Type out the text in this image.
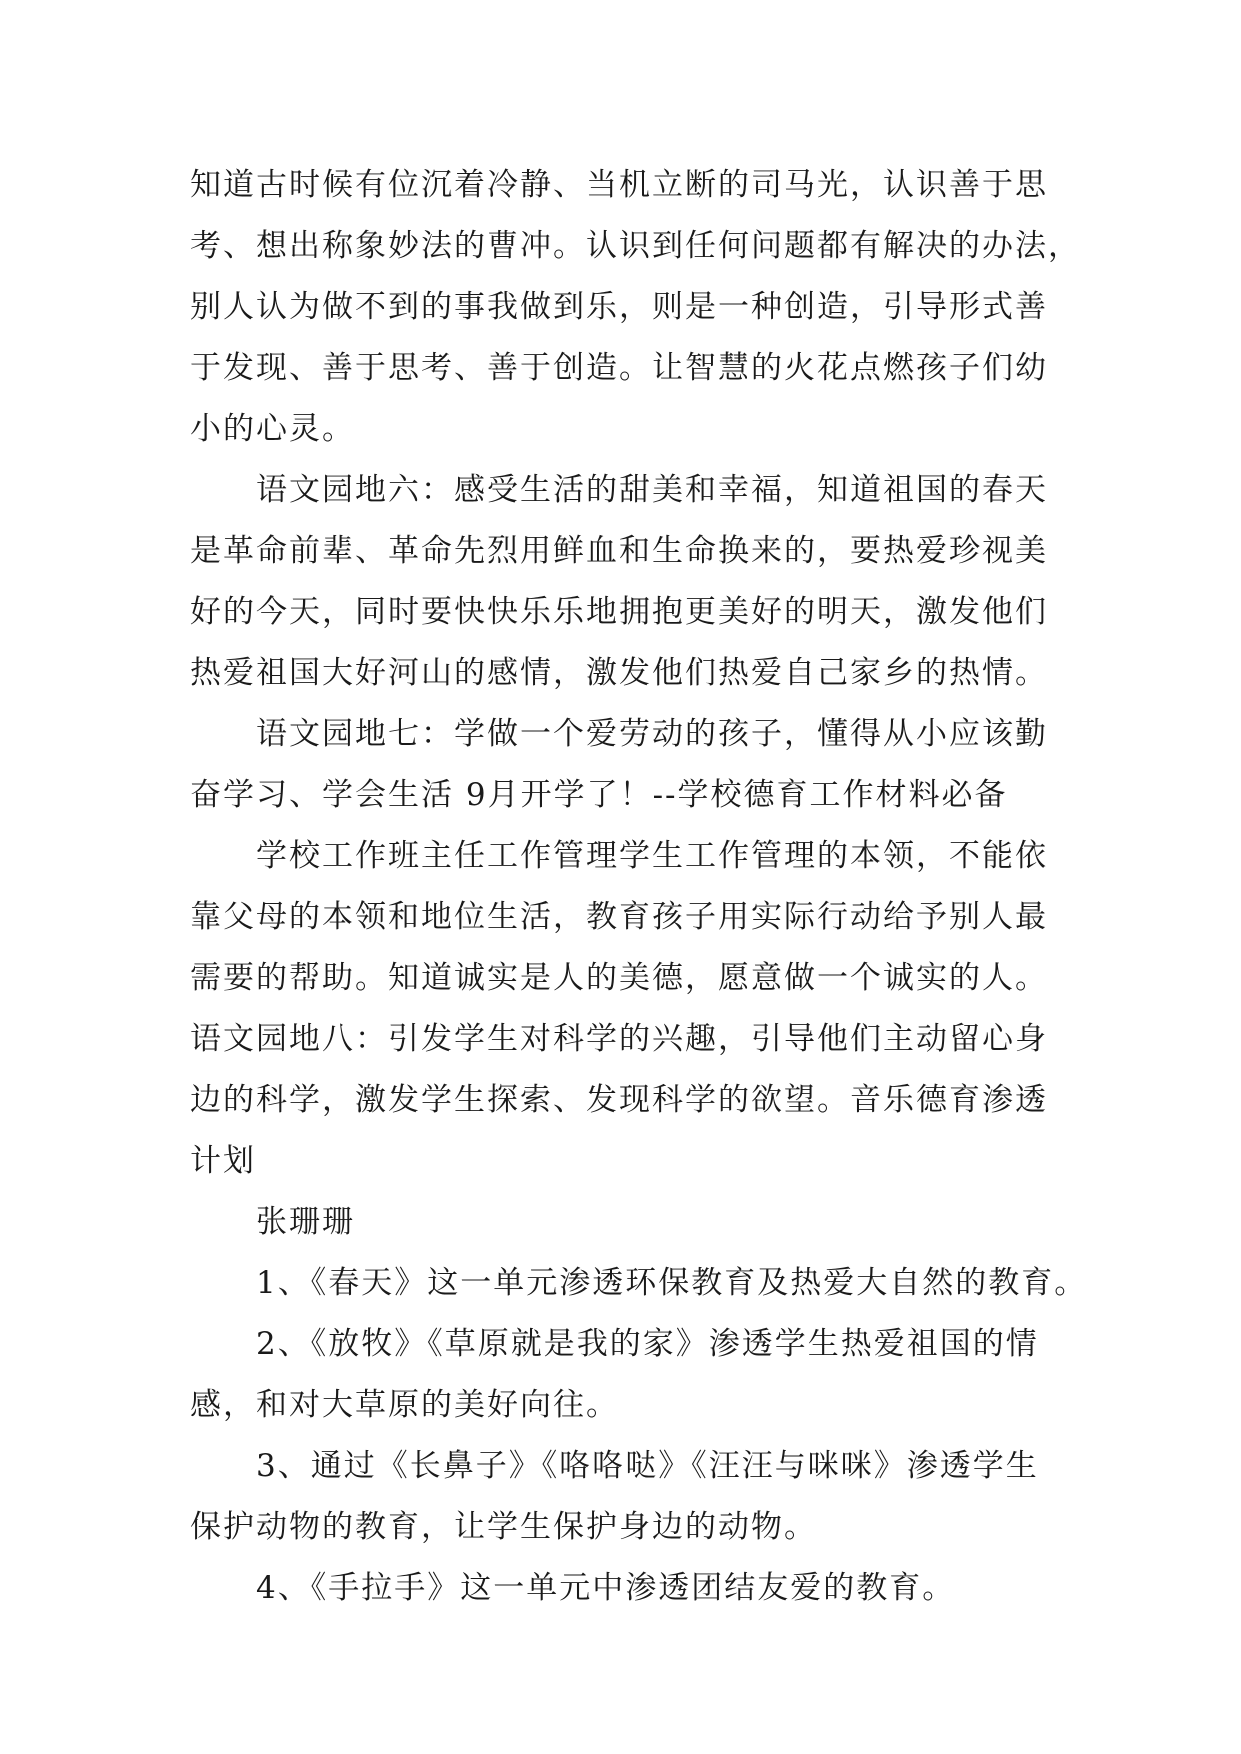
知道古时候有位沉着冷静、当机立断的司马光，认识善于思
考、想出称象妙法的曹冲。认识到任何问题都有解决的办法，
别人认为做不到的事我做到乐，则是一种创造，引导形式善
于发现、善于思考、善于创造。让智慧的火花点燃孩子们幼
小的心灵。
语文园地六：感受生活的甜美和幸福，知道祖国的春天
是革命前辈、革命先烈用鲜血和生命换来的，要热爱珍视美
好的今天，同时要快快乐乐地拥抱更美好的明天，激发他们
热爱祖国大好河山的感情，激发他们热爱自己家乡的热情。
语文园地七：学做一个爱劳动的孩子，懂得从小应该勤
奋学习、学会生活 9月开学了！--学校德育工作材料必备
学校工作班主任工作管理学生工作管理的本领，不能依
靠父母的本领和地位生活，教育孩子用实际行动给予别人最
需要的帮助。知道诚实是人的美德，愿意做一个诚实的人。
语文园地八：引发学生对科学的兴趣，引导他们主动留心身
边的科学，激发学生探索、发现科学的欲望。音乐德育渗透
计划
张珊珊
1、《春天》这一单元渗透环保教育及热爱大自然的教育。
2、《放牧》《草原就是我的家》渗透学生热爱祖国的情
感，和对大草原的美好向往。
3、通过《长鼻子》《咯咯哒》《汪汪与咪咪》渗透学生
保护动物的教育，让学生保护身边的动物。
4、《手拉手》这一单元中渗透团结友爱的教育。
